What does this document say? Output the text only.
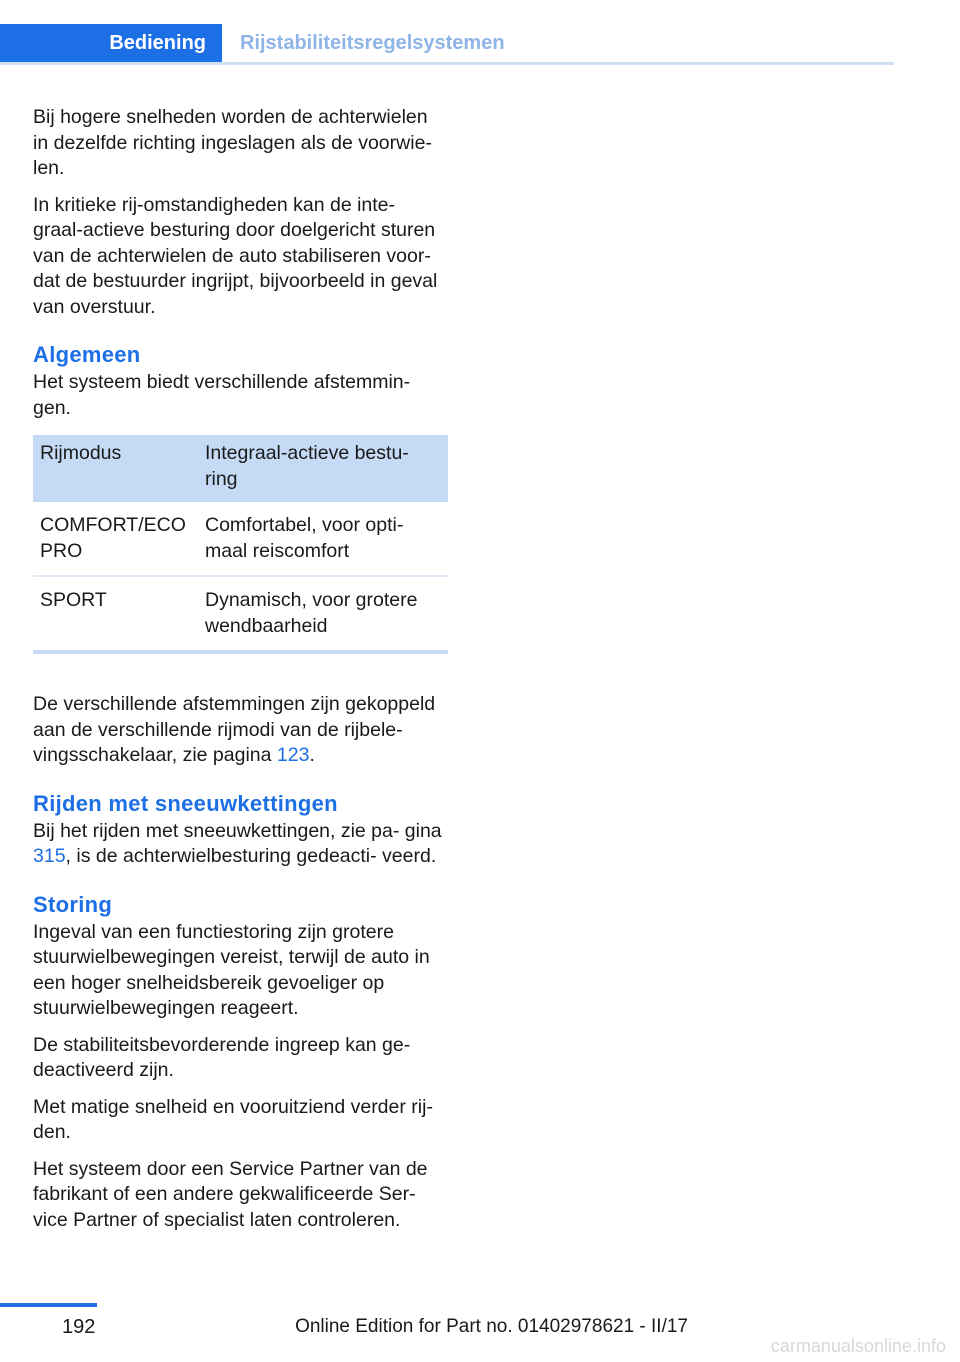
Bediening	Rijstabiliteitsregelsystemen

Bij hogere snelheden worden de achterwielen in dezelfde richting ingeslagen als de voorwie‐ len.

In kritieke rij-omstandigheden kan de inte‐ graal-actieve besturing door doelgericht sturen van de achterwielen de auto stabiliseren voor‐ dat de bestuurder ingrijpt, bijvoorbeeld in geval van overstuur.

Algemeen

Het systeem biedt verschillende afstemmin‐ gen.

Rijmodus	Integraal-actieve bestu‐ ring
COMFORT/ECO PRO	Comfortabel, voor opti‐ maal reiscomfort
SPORT	Dynamisch, voor grotere wendbaarheid

De verschillende afstemmingen zijn gekoppeld aan de verschillende rijmodi van de rijbele‐ vingsschakelaar, zie pagina 123.

Rijden met sneeuwkettingen

Bij het rijden met sneeuwkettingen, zie pa‐ gina 315, is de achterwielbesturing gedeacti‐ veerd.

Storing

Ingeval van een functiestoring zijn grotere stuurwielbewegingen vereist, terwijl de auto in een hoger snelheidsbereik gevoeliger op stuurwielbewegingen reageert.

De stabiliteitsbevorderende ingreep kan ge‐ deactiveerd zijn.

Met matige snelheid en vooruitziend verder rij‐ den.

Het systeem door een Service Partner van de fabrikant of een andere gekwalificeerde Ser‐ vice Partner of specialist laten controleren.

192	Online Edition for Part no. 01402978621 - II/17
carmanualsonline.info
